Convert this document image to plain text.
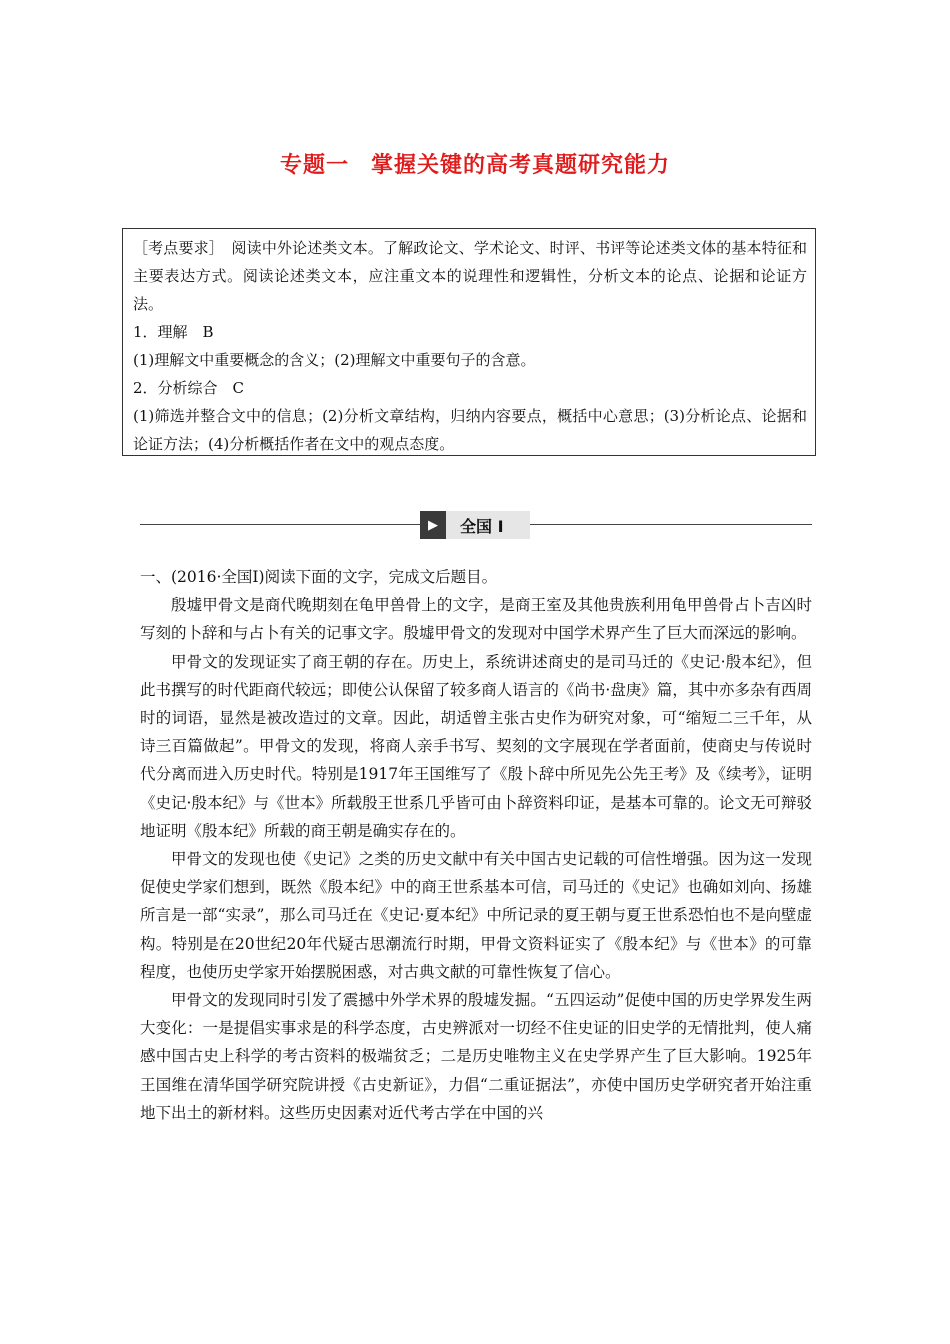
专题一 掌握关键的高考真题研究能力

［考点要求］　阅读中外论述类文本。了解政论文、学术论文、时评、书评等论述类文体的基本特征和主要表达方式。阅读论述类文本，应注重文本的说理性和逻辑性，分析文本的论点、论据和论证方法。

1．理解　B

(1)理解文中重要概念的含义；(2)理解文中重要句子的含意。

2．分析综合　C

(1)筛选并整合文中的信息；(2)分析文章结构，归纳内容要点，概括中心意思；(3)分析论点、论据和论证方法；(4)分析概括作者在文中的观点态度。

▶	全国 I

一、(2016·全国Ⅰ)阅读下面的文字，完成文后题目。

殷墟甲骨文是商代晚期刻在龟甲兽骨上的文字，是商王室及其他贵族利用龟甲兽骨占卜吉凶时写刻的卜辞和与占卜有关的记事文字。殷墟甲骨文的发现对中国学术界产生了巨大而深远的影响。

甲骨文的发现证实了商王朝的存在。历史上，系统讲述商史的是司马迁的《史记·殷本纪》，但此书撰写的时代距商代较远；即使公认保留了较多商人语言的《尚书·盘庚》篇，其中亦多杂有西周时的词语，显然是被改造过的文章。因此，胡适曾主张古史作为研究对象，可“缩短二三千年，从诗三百篇做起”。甲骨文的发现，将商人亲手书写、契刻的文字展现在学者面前，使商史与传说时代分离而进入历史时代。特别是1917年王国维写了《殷卜辞中所见先公先王考》及《续考》，证明《史记·殷本纪》与《世本》所载殷王世系几乎皆可由卜辞资料印证，是基本可靠的。论文无可辩驳地证明《殷本纪》所载的商王朝是确实存在的。

甲骨文的发现也使《史记》之类的历史文献中有关中国古史记载的可信性增强。因为这一发现促使史学家们想到，既然《殷本纪》中的商王世系基本可信，司马迁的《史记》也确如刘向、扬雄所言是一部“实录”，那么司马迁在《史记·夏本纪》中所记录的夏王朝与夏王世系恐怕也不是向壁虚构。特别是在20世纪20年代疑古思潮流行时期，甲骨文资料证实了《殷本纪》与《世本》的可靠程度，也使历史学家开始摆脱困惑，对古典文献的可靠性恢复了信心。

甲骨文的发现同时引发了震撼中外学术界的殷墟发掘。“五四运动”促使中国的历史学界发生两大变化：一是提倡实事求是的科学态度，古史辨派对一切经不住史证的旧史学的无情批判，使人痛感中国古史上科学的考古资料的极端贫乏；二是历史唯物主义在史学界产生了巨大影响。1925年王国维在清华国学研究院讲授《古史新证》，力倡“二重证据法”，亦使中国历史学研究者开始注重地下出土的新材料。这些历史因素对近代考古学在中国的兴
